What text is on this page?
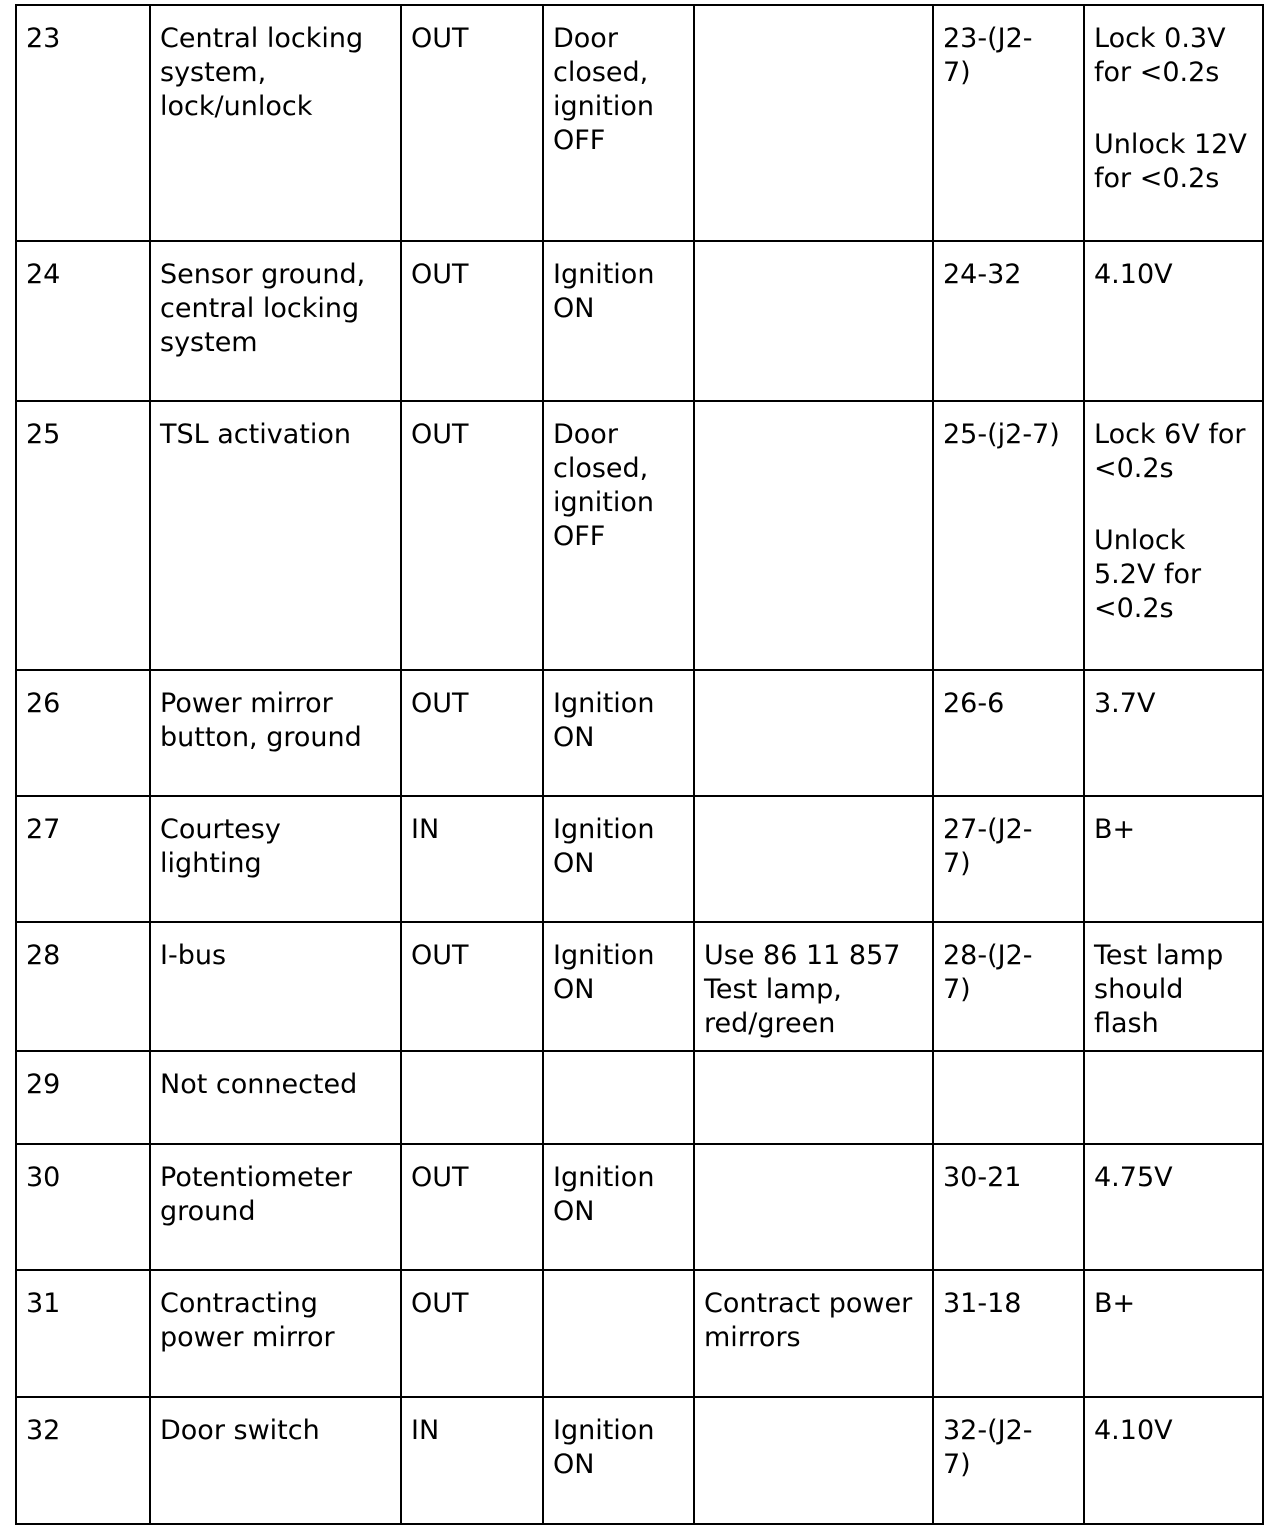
23	Central locking
system,
lock/unlock	OUT	Door
closed,
ignition
OFF		23-(J2-
7)	Lock 0.3V
for <0.2s
Unlock 12V
for <0.2s

24	Sensor ground,
central locking
system	OUT	Ignition
ON		24-32	4.10V

25	TSL activation	OUT	Door
closed,
ignition
OFF		25-(j2-7)	Lock 6V for
<0.2s
Unlock
5.2V for
<0.2s

26	Power mirror
button, ground	OUT	Ignition
ON		26-6	3.7V

27	Courtesy
lighting	IN	Ignition
ON		27-(J2-
7)	B+

28	I-bus	OUT	Ignition
ON	Use 86 11 857
Test lamp,
red/green	28-(J2-
7)	Test lamp
should
flash

29	Not connected					

30	Potentiometer
ground	OUT	Ignition
ON		30-21	4.75V

31	Contracting
power mirror	OUT		Contract power
mirrors	31-18	B+

32	Door switch	IN	Ignition
ON		32-(J2-
7)	4.10V
